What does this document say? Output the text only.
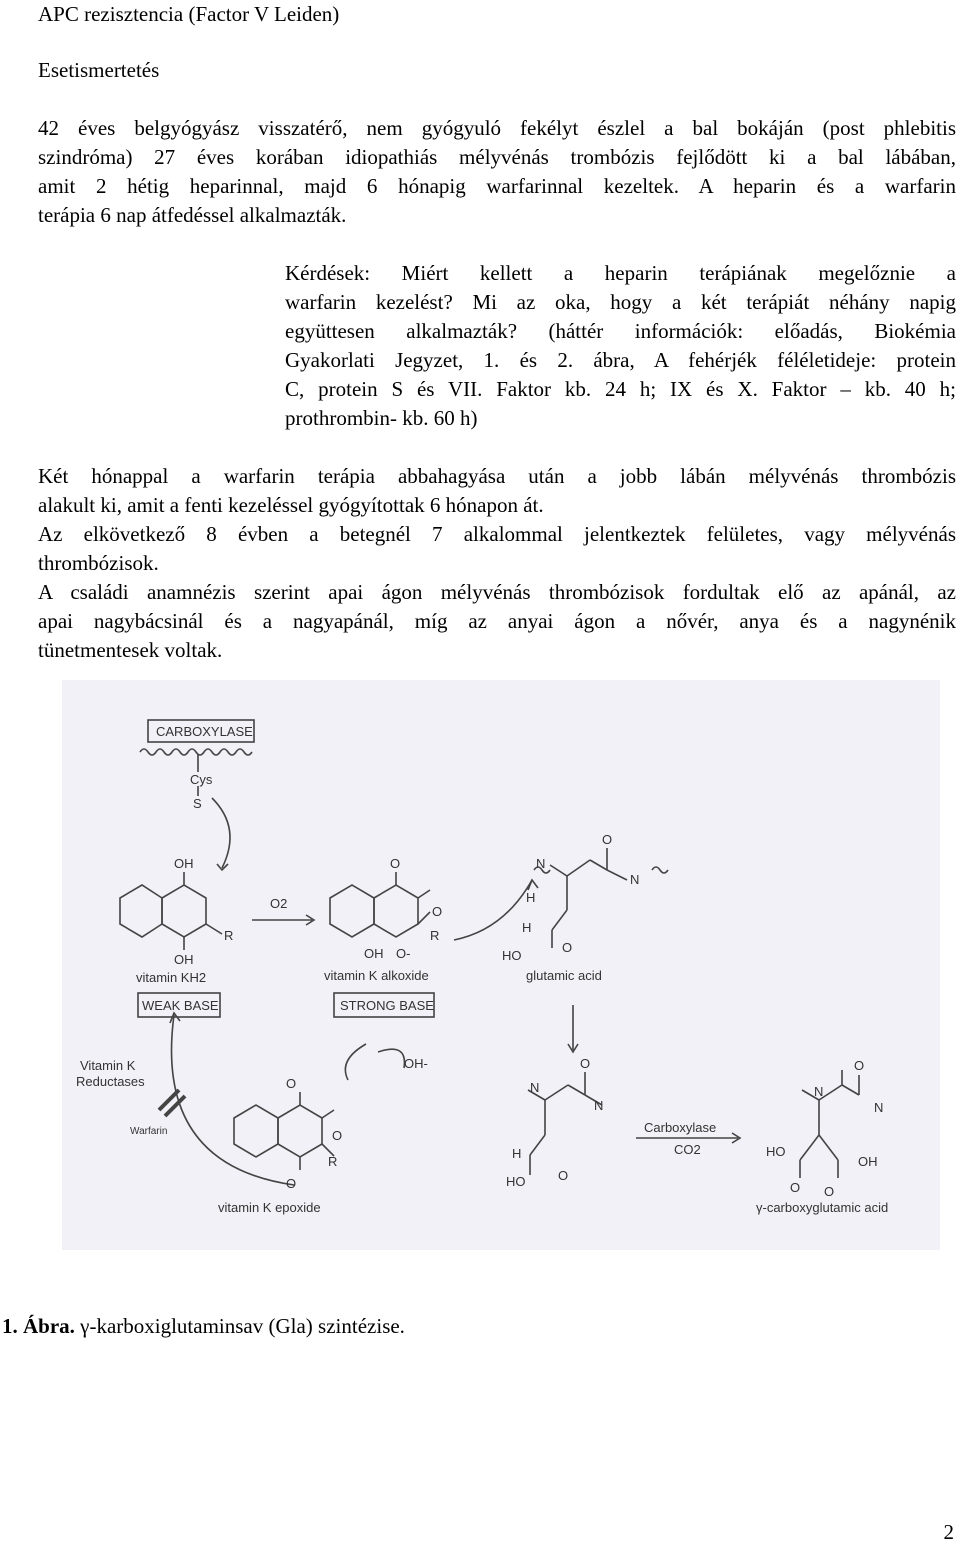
APC rezisztencia (Factor V Leiden)
Esetismertetés
42 éves belgyógyász visszatérő, nem gyógyuló fekélyt észlel a bal bokáján (post phlebitis
szindróma) 27 éves korában idiopathiás mélyvénás trombózis fejlődött ki a bal lábában,
amit 2 hétig heparinnal, majd 6 hónapig warfarinnal kezeltek. A heparin és a warfarin
terápia 6 nap átfedéssel alkalmazták.
Kérdések: Miért kellett a heparin terápiának megelőznie a
warfarin kezelést? Mi az oka, hogy a két terápiát néhány napig
együttesen alkalmazták? (háttér információk: előadás, Biokémia
Gyakorlati Jegyzet, 1. és 2. ábra, A fehérjék féléletideje: protein
C, protein S és VII. Faktor kb. 24 h; IX és X. Faktor – kb. 40 h;
prothrombin- kb. 60 h)
Két hónappal a warfarin terápia abbahagyása után a jobb lábán mélyvénás thrombózis
alakult ki, amit a fenti kezeléssel gyógyítottak 6 hónapon át.
Az elkövetkező 8 évben a betegnél 7 alkalommal jelentkeztek felületes, vagy mélyvénás
thrombózisok.
A családi anamnézis szerint apai ágon mélyvénás thrombózisok fordultak elő az apánál, az
apai nagybácsinál és a nagyapánál, míg az anyai ágon a nővér, anya és a nagynénik
tünetmentesek voltak.
CARBOXYLASE
Cys
S
OH
OH
R
O2
O
OH O-
R
O
N
O
N
H
H
HO
O
vitamin KH2	vitamin K alkoxide	glutamic acid
WEAK BASE	STRONG BASE
Vitamin K
Reductases
Warfarin
OH-
O
O
O
R
vitamin K epoxide
N
O
N
H
HO	O
Carboxylase
CO2
N
O
N
HO
OH
O O
γ-carboxyglutamic acid
1. Ábra. γ-karboxiglutaminsav (Gla) szintézise.
2
